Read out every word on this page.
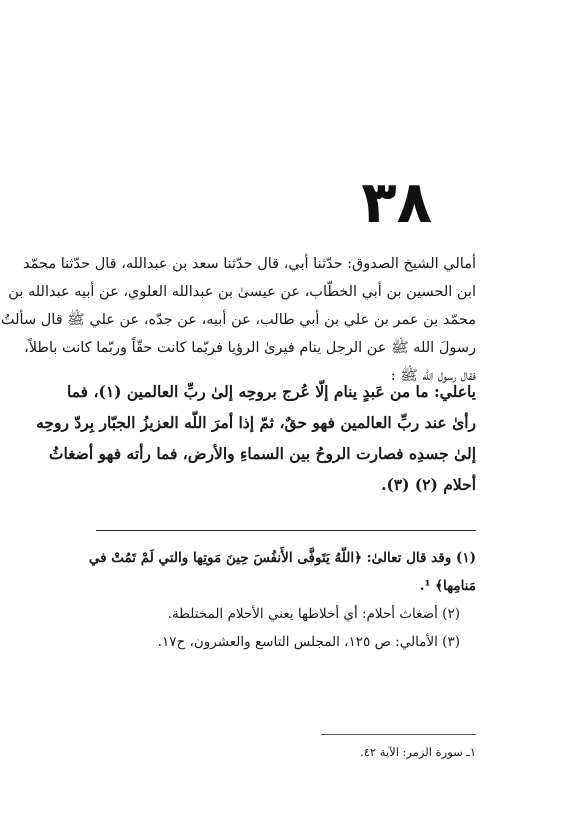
٣٨
أمالي الشيخ الصدوق: حدّثنا أبي، قال حدّثنا سعد بن عبدالله، قال حدّثنا محمّد
ابن الحسين بن أبي الخطّاب، عن عيسىٰ بن عبدالله العلوي، عن أبيه عبدالله بن
محمّد بن عمر بن علي بن أبي طالب، عن أبيه، عن جدّه، عن علي ﷺ قال سألتُ
رسولَ الله ﷺ عن الرجل ينام فيرىٰ الرؤيا فربّما كانت حقّاً وربّما كانت باطلاً،
فقال رسول الله ﷺ :
ياعلي: ما من عَبدٍ ينام إلّا عُرج بروحِه إلىٰ ربِّ العالمين (١)، فما
رأىٰ عند ربِّ العالمين فهو حقٌ، ثمّ إذا أمرَ اللّه العزيزُ الجبّار بِردّ روحِه
إلىٰ جسدِه فصارت الروحُ بين السماءِ والأرض، فما رأته فهو أضغاثُ
أحلام (٢) (٣).
(١) وقد قال تعالىٰ: ﴿اللّهُ يَتَوفَّى الأَنفُسَ حِينَ مَوتِها والتي لَمْ تَمُتْ في
مَنامِها﴾ ¹.
(٢) أضغاث أحلام: أي أخلاطها يعني الأحلام المختلطة.
(٣) الأمالي: ص ١٢٥، المجلس التاسع والعشرون، ح١٧.
١ـ سورة الزمر: الآية ٤٢.
